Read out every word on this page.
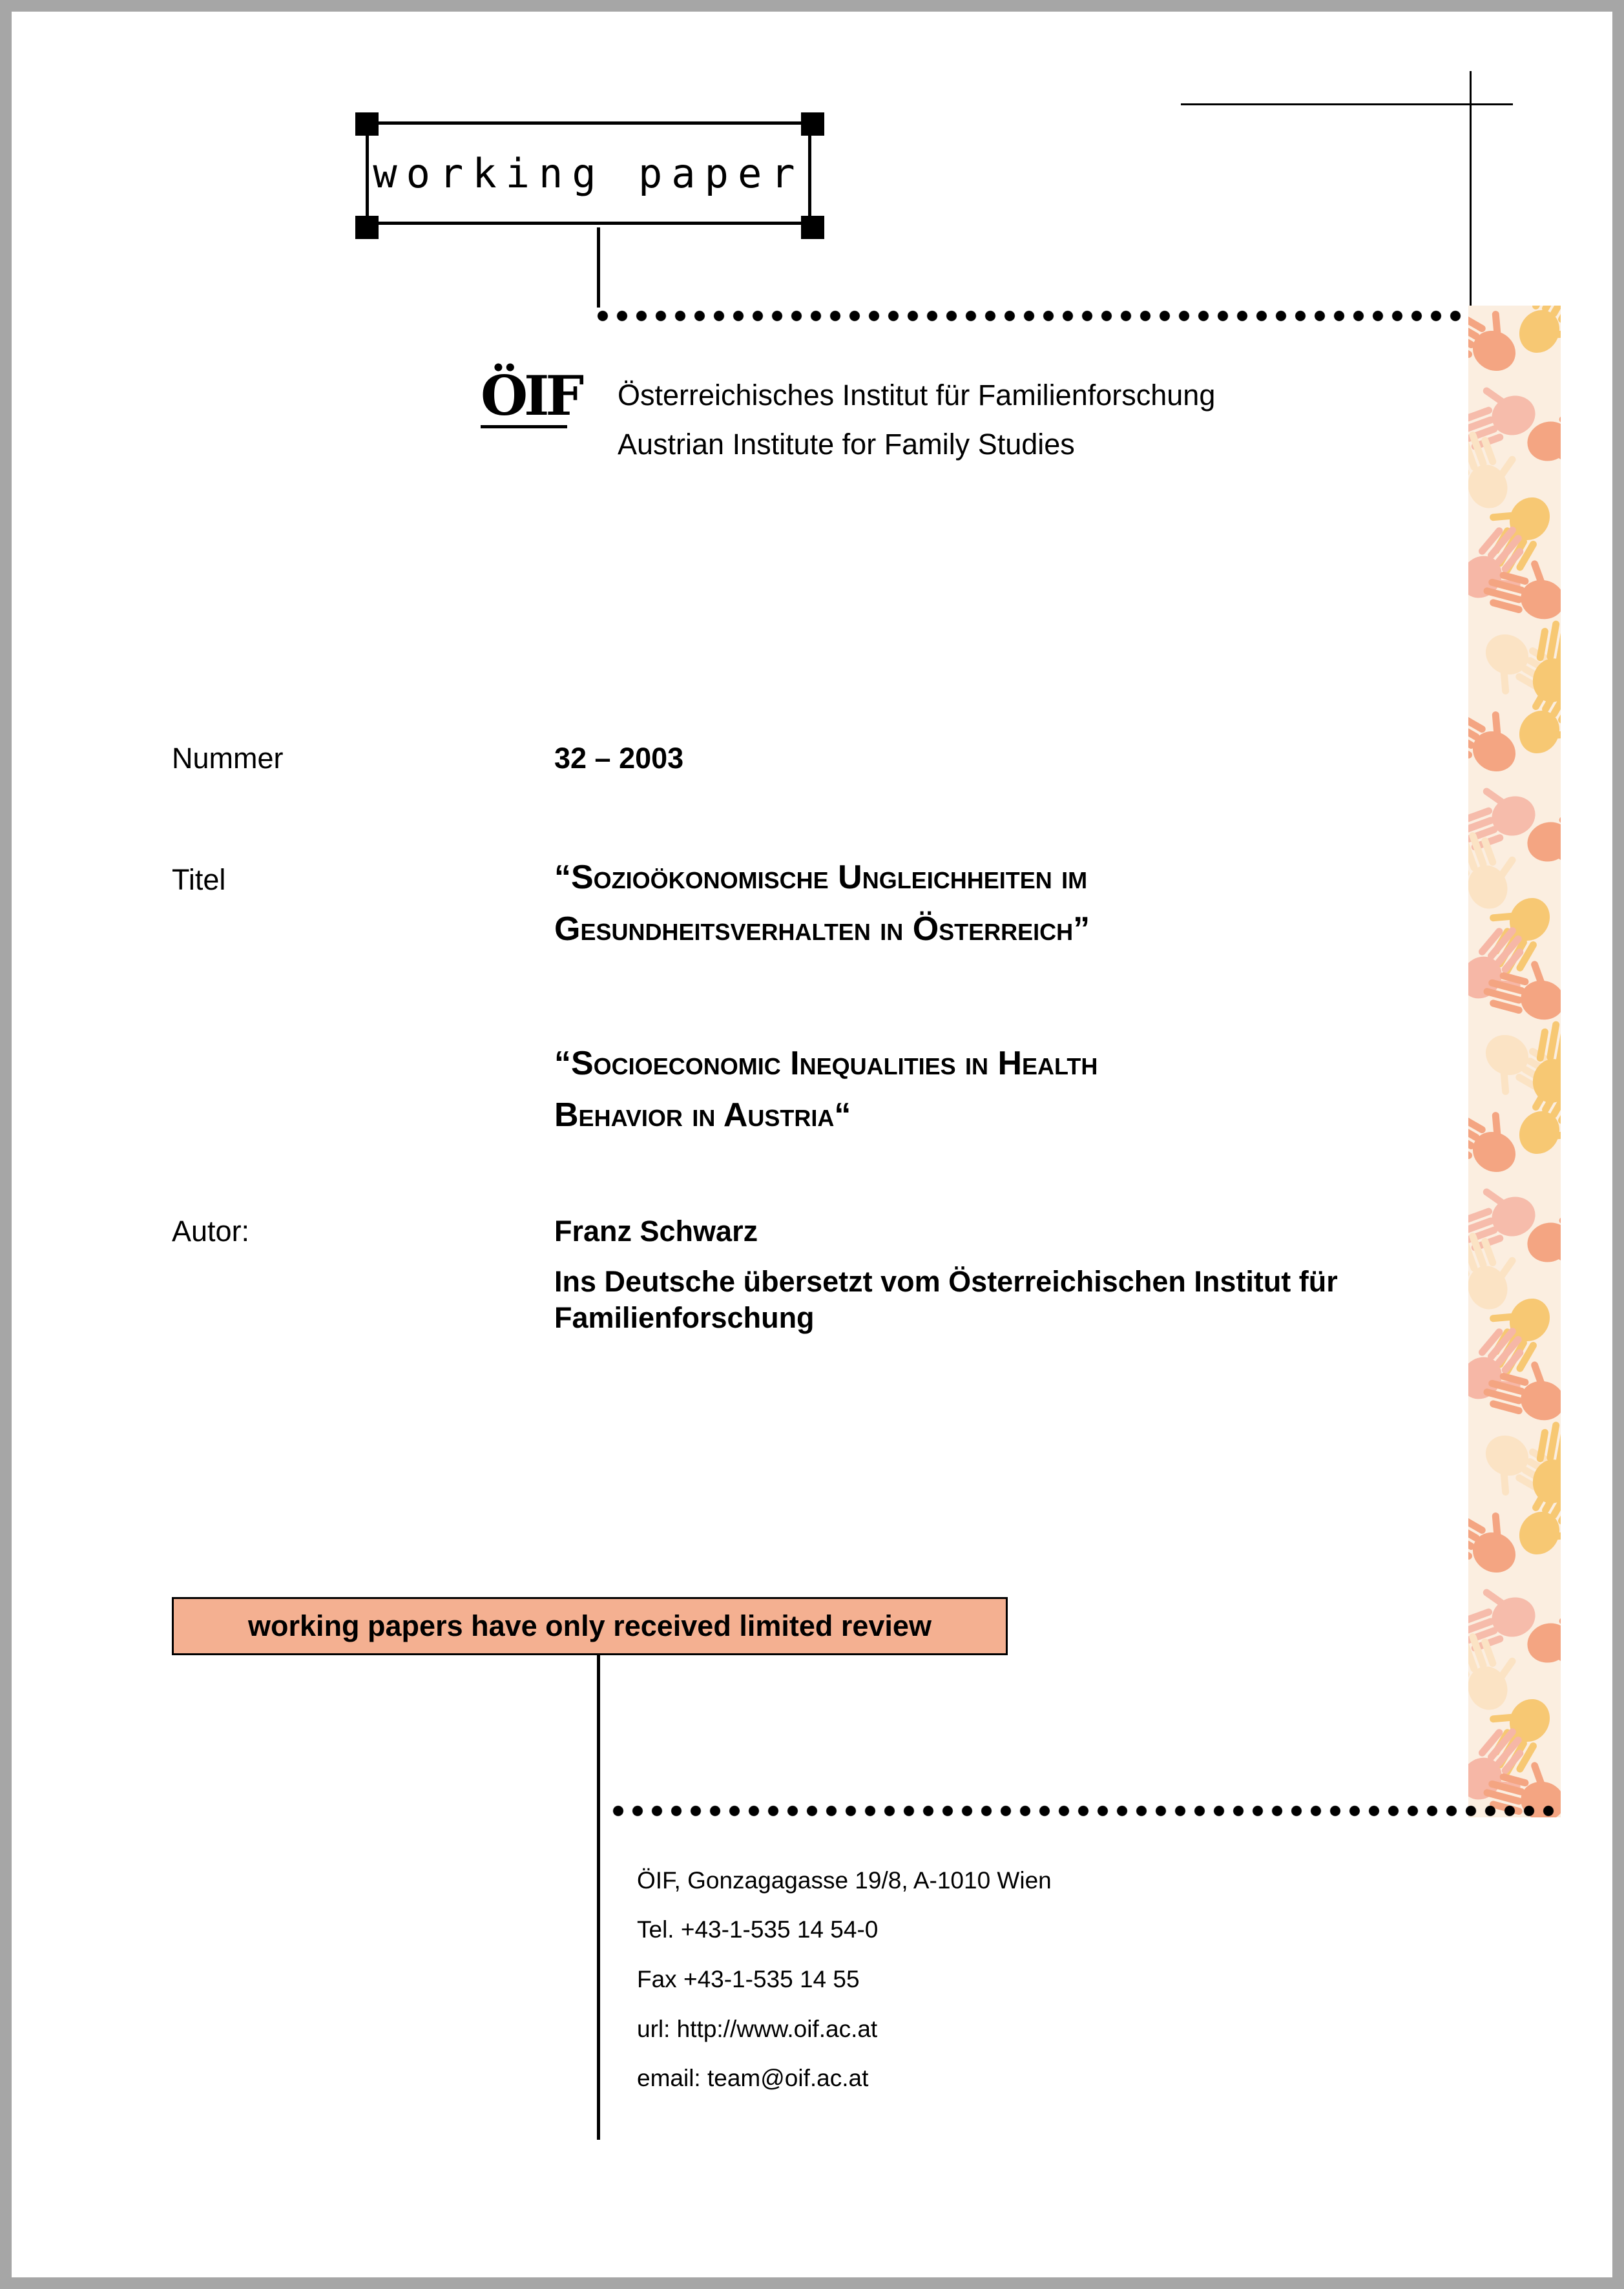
working paper
ÖIF Österreichisches Institut für Familienforschung
Austrian Institute for Family Studies
Nummer	32 – 2003
Titel	“Sozioökonomische Ungleichheiten im
Gesundheitsverhalten in Österreich”
“Socioeconomic Inequalities in Health
Behavior in Austria“
Autor:	Franz Schwarz
Ins Deutsche übersetzt vom Österreichischen Institut für
Familienforschung
working papers have only received limited review
ÖIF, Gonzagagasse 19/8, A-1010 Wien
Tel. +43-1-535 14 54-0
Fax +43-1-535 14 55
url: http://www.oif.ac.at
email: team@oif.ac.at
